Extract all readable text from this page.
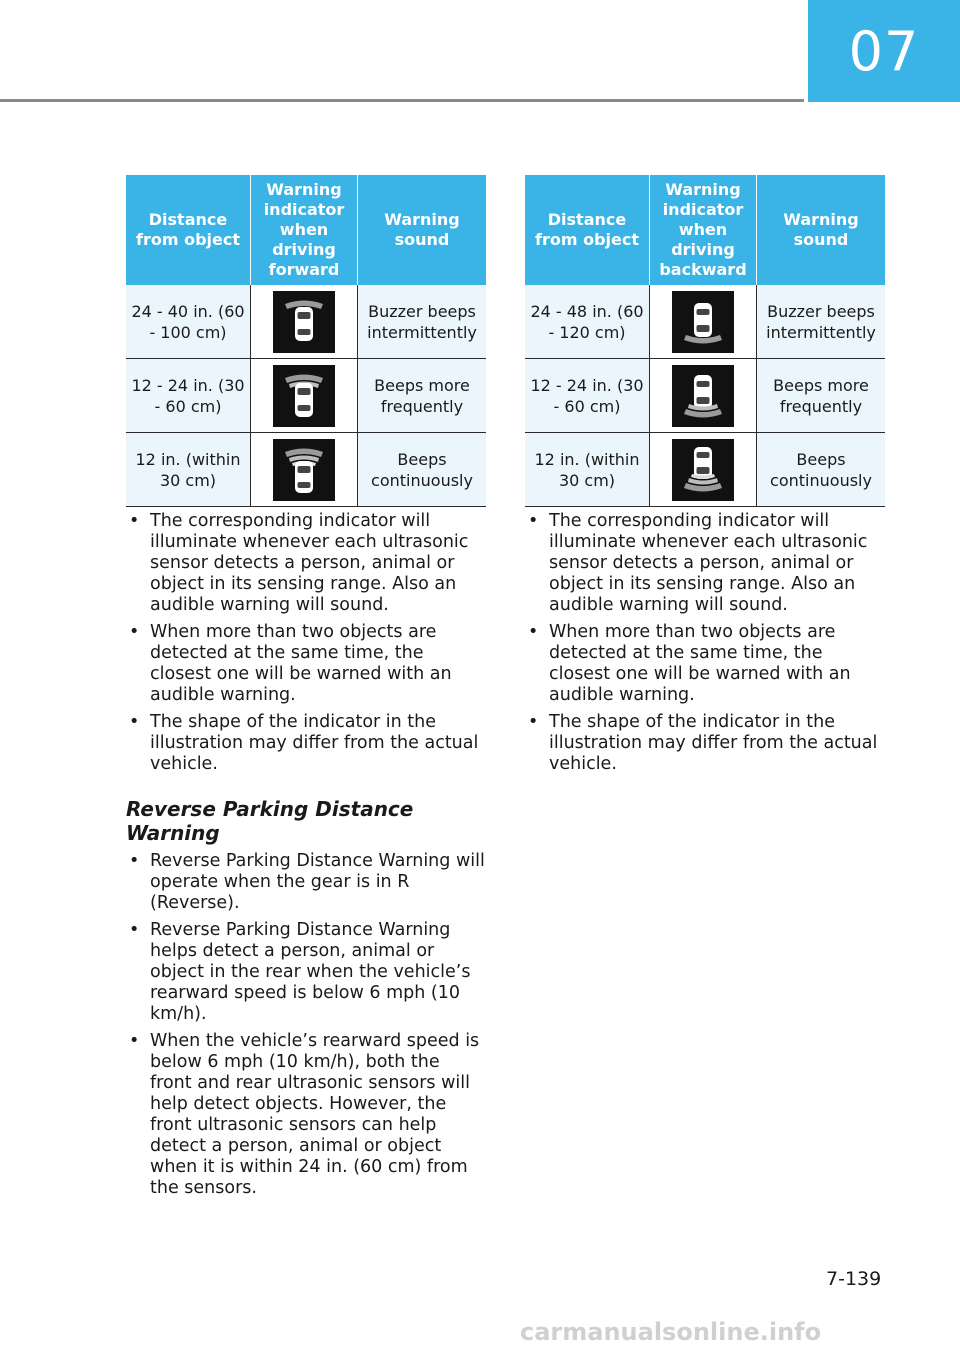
07
Distance from object	Warning indicator when driving forward	Warning sound
24 - 40 in. (60 - 100 cm)		Buzzer beeps intermittently
12 - 24 in. (30 - 60 cm)		Beeps more frequently
12 in. (within 30 cm)		Beeps continuously
• The corresponding indicator will illuminate whenever each ultrasonic sensor detects a person, animal or object in its sensing range. Also an audible warning will sound.
• When more than two objects are detected at the same time, the closest one will be warned with an audible warning.
• The shape of the indicator in the illustration may differ from the actual vehicle.
Reverse Parking Distance Warning
• Reverse Parking Distance Warning will operate when the gear is in R (Reverse).
• Reverse Parking Distance Warning helps detect a person, animal or object in the rear when the vehicle’s rearward speed is below 6 mph (10 km/h).
• When the vehicle’s rearward speed is below 6 mph (10 km/h), both the front and rear ultrasonic sensors will help detect objects. However, the front ultrasonic sensors can help detect a person, animal or object when it is within 24 in. (60 cm) from the sensors.
Distance from object	Warning indicator when driving backward	Warning sound
24 - 48 in. (60 - 120 cm)		Buzzer beeps intermittently
12 - 24 in. (30 - 60 cm)		Beeps more frequently
12 in. (within 30 cm)		Beeps continuously
• The corresponding indicator will illuminate whenever each ultrasonic sensor detects a person, animal or object in its sensing range. Also an audible warning will sound.
• When more than two objects are detected at the same time, the closest one will be warned with an audible warning.
• The shape of the indicator in the illustration may differ from the actual vehicle.
7-139
carmanualsonline.info
